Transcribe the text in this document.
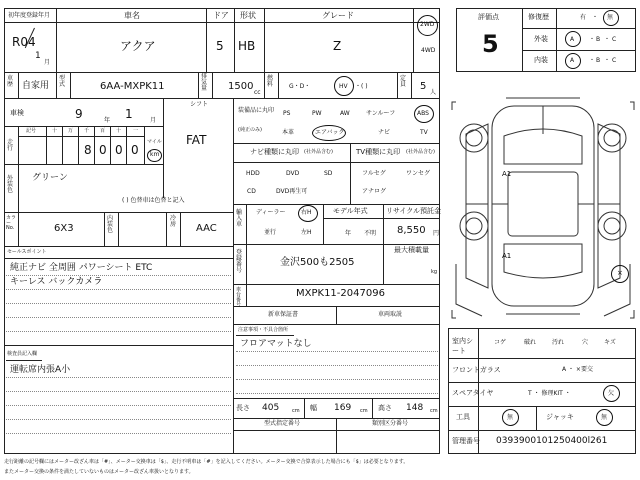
初年度登録年月
R04
1
月
車名
アクア
ドア
5
形状
HB
グレード
Z
2WD
4WD
車歴 自家用
型式	6AA-MXPK11
排気量 1500
cc
燃料	G・D・	HV ・( )
定員 5
人
車検	9	年 1	月
シフト
FAT
走行
記号	十 万 千 百 十 一
8 0 0 0
マイル
km
外装色
グリーン
( ) 色替車は色替と記入
カラーNo.	6X3
内装色
冷房 AAC
セールスポイント
純正ナビ 全周囲 パワーシート ETC
キーレス バックカメラ
検査員記入欄
運転席内張A小
装備品に丸印
(純正のみ)
PS	PW	AW	サンルーフ	ABS
本革	エアバック	ナビ	TV
ナビ種類に丸印 (社外品含む)
HDD	DVD	SD
CD	DVD再生可
TV種類に丸印 (社外品含む)
フルセグ	ワンセグ
アナログ
輸入車
ディーラー	右H
並行	左H
モデル年式
年 不明
リサイクル預託金
8,550 円
登録番号
金沢500も2505
最大積載量
kg
車台番号
MXPK11-2047096
新車保証書	車両取説
注意事項・不具合箇所
フロアマットなし
長さ 405	cm 幅 169 cm 高さ 148 cm
型式指定番号	類別区分番号
評価点
5
修復歴	有 ・ 無
外装	A ・ B ・ C
内装	A ・ B ・ C
A1
A1
×
室内シート
コゲ	破れ	汚れ	穴	キズ
フロントガラス	A ・ ×要交
スペアタイヤ	T ・ 修理KIT ・	欠
工具	無	ジャッキ	無
管理番号 0393900101250400l261
走行距離の記号欄にはメーター改ざん車は「#」、メーター交換車は「$」、走行不明車は「#」を記入してください。メーター交換で合算表示した場合にも「$」は必要となります。
またメーター交換の条件を満たしていないものはメーター改ざん車扱いとなります。
